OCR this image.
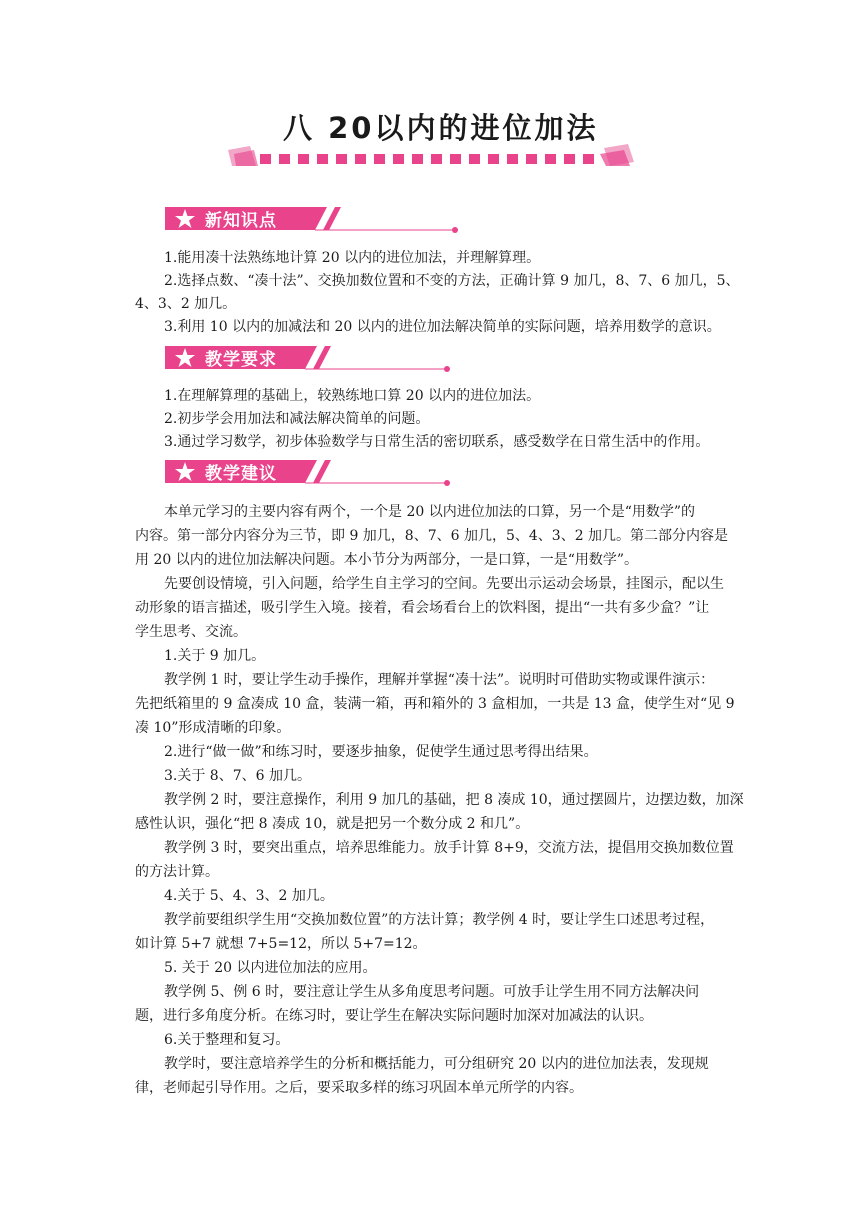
八 20以内的进位加法
新知识点
1.能用凑十法熟练地计算 20 以内的进位加法，并理解算理。
2.选择点数、“凑十法”、交换加数位置和不变的方法，正确计算 9 加几，8、7、6 加几，5、
4、3、2 加几。
3.利用 10 以内的加减法和 20 以内的进位加法解决简单的实际问题，培养用数学的意识。
教学要求
1.在理解算理的基础上，较熟练地口算 20 以内的进位加法。
2.初步学会用加法和减法解决简单的问题。
3.通过学习数学，初步体验数学与日常生活的密切联系，感受数学在日常生活中的作用。
教学建议
本单元学习的主要内容有两个，一个是 20 以内进位加法的口算，另一个是“用数学”的
内容。第一部分内容分为三节，即 9 加几，8、7、6 加几，5、4、3、2 加几。第二部分内容是
用 20 以内的进位加法解决问题。本小节分为两部分，一是口算，一是“用数学”。
先要创设情境，引入问题，给学生自主学习的空间。先要出示运动会场景，挂图示，配以生
动形象的语言描述，吸引学生入境。接着，看会场看台上的饮料图，提出“一共有多少盒？”让
学生思考、交流。
1.关于 9 加几。
教学例 1 时，要让学生动手操作，理解并掌握“凑十法”。说明时可借助实物或课件演示：
先把纸箱里的 9 盒凑成 10 盒，装满一箱，再和箱外的 3 盒相加，一共是 13 盒，使学生对“见 9
凑 10”形成清晰的印象。
2.进行“做一做”和练习时，要逐步抽象，促使学生通过思考得出结果。
3.关于 8、7、6 加几。
教学例 2 时，要注意操作，利用 9 加几的基础，把 8 凑成 10，通过摆圆片，边摆边数，加深
感性认识，强化“把 8 凑成 10，就是把另一个数分成 2 和几”。
教学例 3 时，要突出重点，培养思维能力。放手计算 8+9，交流方法，提倡用交换加数位置
的方法计算。
4.关于 5、4、3、2 加几。
教学前要组织学生用“交换加数位置”的方法计算；教学例 4 时，要让学生口述思考过程，
如计算 5+7 就想 7+5=12，所以 5+7=12。
5. 关于 20 以内进位加法的应用。
教学例 5、例 6 时，要注意让学生从多角度思考问题。可放手让学生用不同方法解决问
题，进行多角度分析。在练习时，要让学生在解决实际问题时加深对加减法的认识。
6.关于整理和复习。
教学时，要注意培养学生的分析和概括能力，可分组研究 20 以内的进位加法表，发现规
律，老师起引导作用。之后，要采取多样的练习巩固本单元所学的内容。
